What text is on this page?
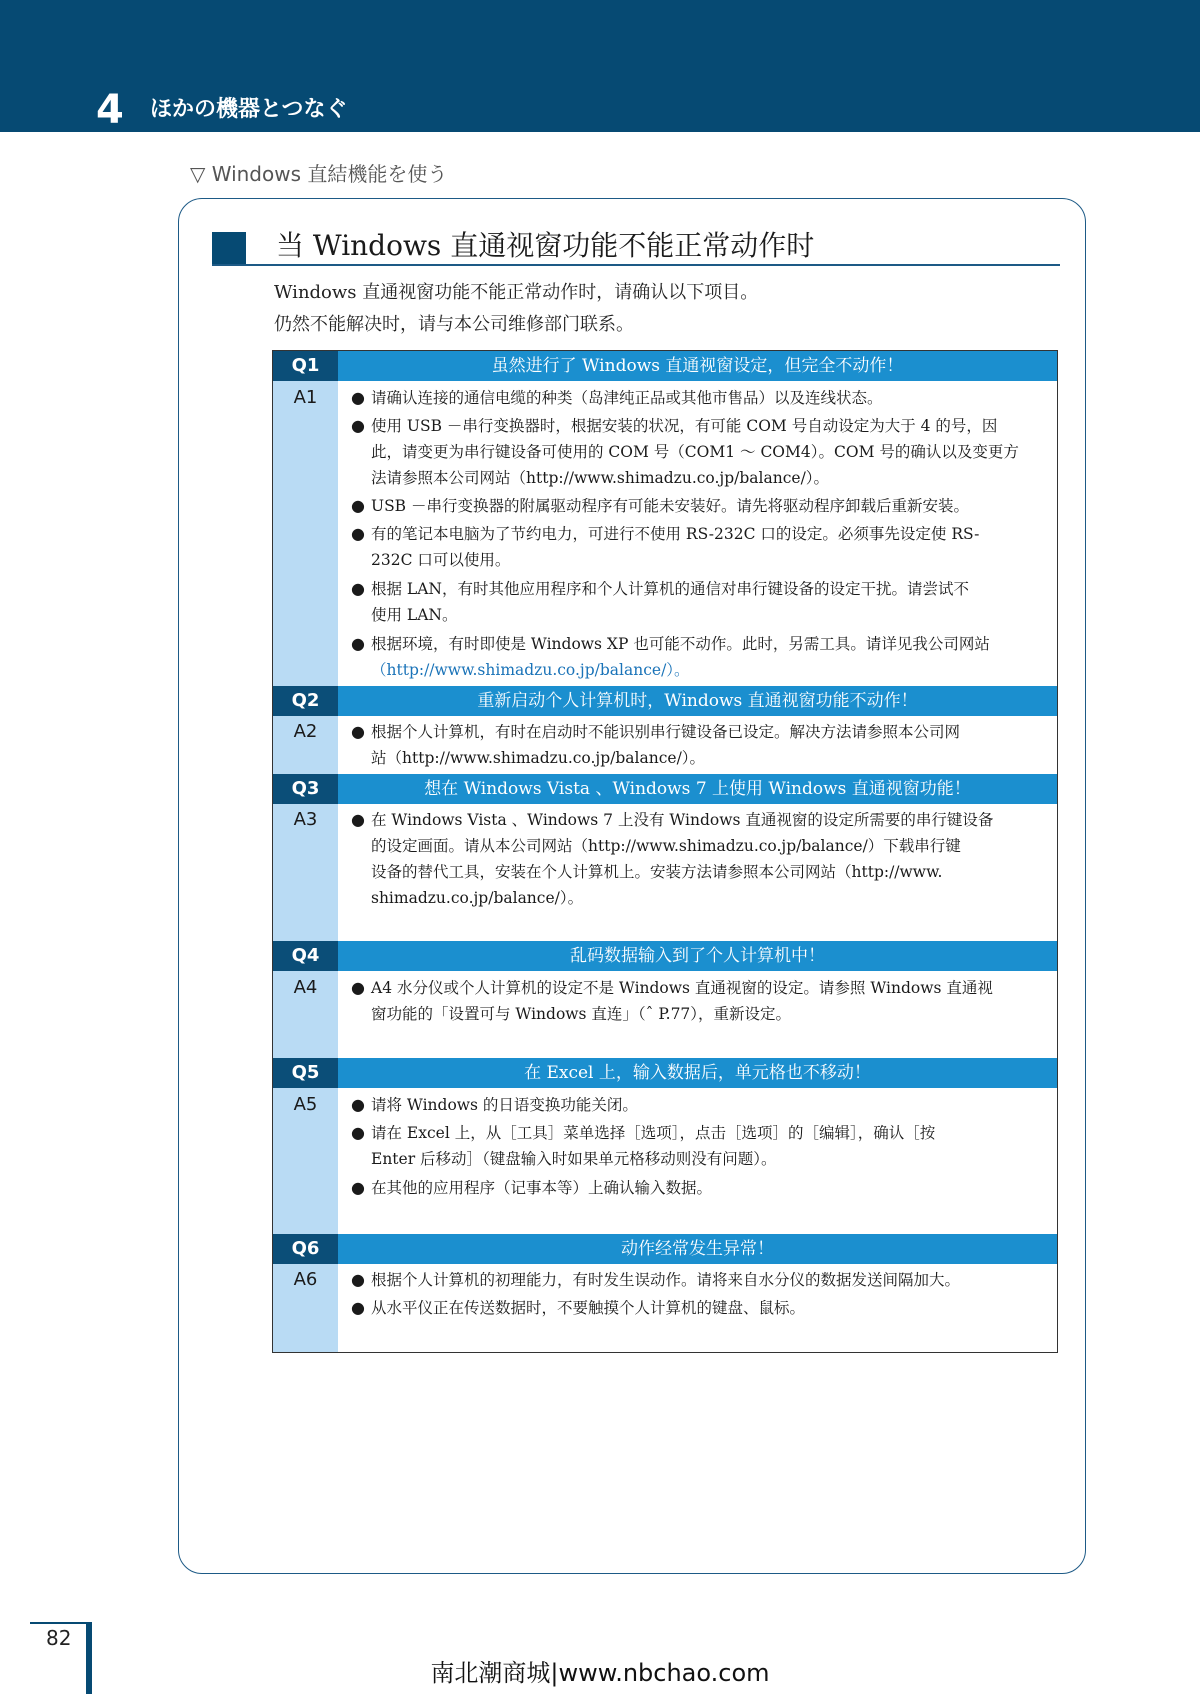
4 ほかの機器とつなぐ
▽ Windows 直結機能を使う
当 Windows 直通视窗功能不能正常动作时
Windows 直通视窗功能不能正常动作时，请确认以下项目。
仍然不能解决时，请与本公司维修部门联系。
Q1	虽然进行了 Windows 直通视窗设定，但完全不动作！
A1	● 请确认连接的通信电缆的种类（岛津纯正品或其他市售品）以及连线状态。
● 使用 USB －串行变换器时，根据安装的状况，有可能 COM 号自动设定为大于 4 的号，因
此，请变更为串行键设备可使用的 COM 号（COM1 ～ COM4）。COM 号的确认以及变更方
法请参照本公司网站（http://www.shimadzu.co.jp/balance/）。
● USB －串行变换器的附属驱动程序有可能未安装好。请先将驱动程序卸载后重新安装。
● 有的笔记本电脑为了节约电力，可进行不使用 RS-232C 口的设定。必须事先设定使 RS-
232C 口可以使用。
● 根据 LAN，有时其他应用程序和个人计算机的通信对串行键设备的设定干扰。请尝试不
使用 LAN。
● 根据环境，有时即使是 Windows XP 也可能不动作。此时，另需工具。请详见我公司网站
（http://www.shimadzu.co.jp/balance/）。
Q2	重新启动个人计算机时，Windows 直通视窗功能不动作！
A2	● 根据个人计算机，有时在启动时不能识别串行键设备已设定。解决方法请参照本公司网
站（http://www.shimadzu.co.jp/balance/）。
Q3	想在 Windows Vista 、Windows 7 上使用 Windows 直通视窗功能！
A3	● 在 Windows Vista 、Windows 7 上没有 Windows 直通视窗的设定所需要的串行键设备
的设定画面。请从本公司网站（http://www.shimadzu.co.jp/balance/）下载串行键
设备的替代工具，安装在个人计算机上。安装方法请参照本公司网站（http://www.
shimadzu.co.jp/balance/）。
Q4	乱码数据输入到了个人计算机中！
A4	● A4 水分仪或个人计算机的设定不是 Windows 直通视窗的设定。请参照 Windows 直通视
窗功能的「设置可与 Windows 直连」（ˆ P.77），重新设定。
Q5	在 Excel 上，输入数据后，单元格也不移动！
A5	● 请将 Windows 的日语变换功能关闭。
● 请在 Excel 上，从［工具］菜单选择［选项］，点击［选项］的［编辑］，确认［按
Enter 后移动］（键盘输入时如果单元格移动则没有问题）。
● 在其他的应用程序（记事本等）上确认输入数据。
Q6	动作经常发生异常！
A6	● 根据个人计算机的初理能力，有时发生误动作。请将来自水分仪的数据发送间隔加大。
● 从水平仪正在传送数据时，不要触摸个人计算机的键盘、鼠标。
82
南北潮商城|www.nbchao.com
